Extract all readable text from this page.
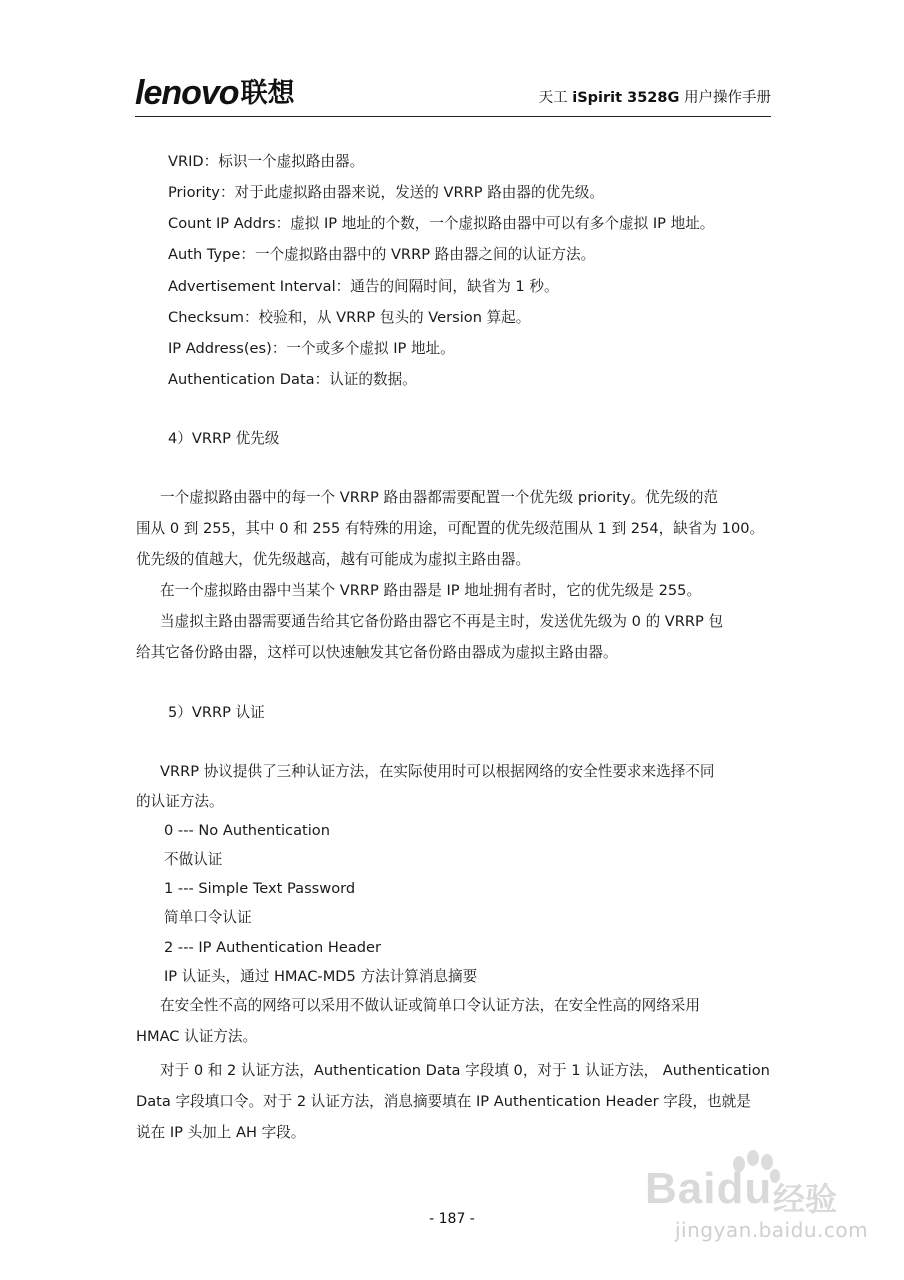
lenovo联想	天工 iSpirit 3528G 用户操作手册
VRID：标识一个虚拟路由器。
Priority：对于此虚拟路由器来说，发送的 VRRP 路由器的优先级。
Count IP Addrs：虚拟 IP 地址的个数，一个虚拟路由器中可以有多个虚拟 IP 地址。
Auth Type：一个虚拟路由器中的 VRRP 路由器之间的认证方法。
Advertisement Interval：通告的间隔时间，缺省为 1 秒。
Checksum：校验和，从 VRRP 包头的 Version 算起。
IP Address(es)：一个或多个虚拟 IP 地址。
Authentication Data：认证的数据。
4）VRRP 优先级
一个虚拟路由器中的每一个 VRRP 路由器都需要配置一个优先级 priority。优先级的范
围从 0 到 255，其中 0 和 255 有特殊的用途，可配置的优先级范围从 1 到 254，缺省为 100。
优先级的值越大，优先级越高，越有可能成为虚拟主路由器。
在一个虚拟路由器中当某个 VRRP 路由器是 IP 地址拥有者时，它的优先级是 255。
当虚拟主路由器需要通告给其它备份路由器它不再是主时，发送优先级为 0 的 VRRP 包
给其它备份路由器，这样可以快速触发其它备份路由器成为虚拟主路由器。
5）VRRP 认证
VRRP 协议提供了三种认证方法，在实际使用时可以根据网络的安全性要求来选择不同
的认证方法。
0 --- No Authentication
不做认证
1 --- Simple Text Password
简单口令认证
2 --- IP Authentication Header
IP 认证头，通过 HMAC-MD5 方法计算消息摘要
在安全性不高的网络可以采用不做认证或简单口令认证方法，在安全性高的网络采用
HMAC 认证方法。
对于 0 和 2 认证方法，Authentication Data 字段填 0，对于 1 认证方法， Authentication
Data 字段填口令。对于 2 认证方法，消息摘要填在 IP Authentication Header 字段，也就是
说在 IP 头加上 AH 字段。
- 187 -
Baidu 经验
jingyan.baidu.com
